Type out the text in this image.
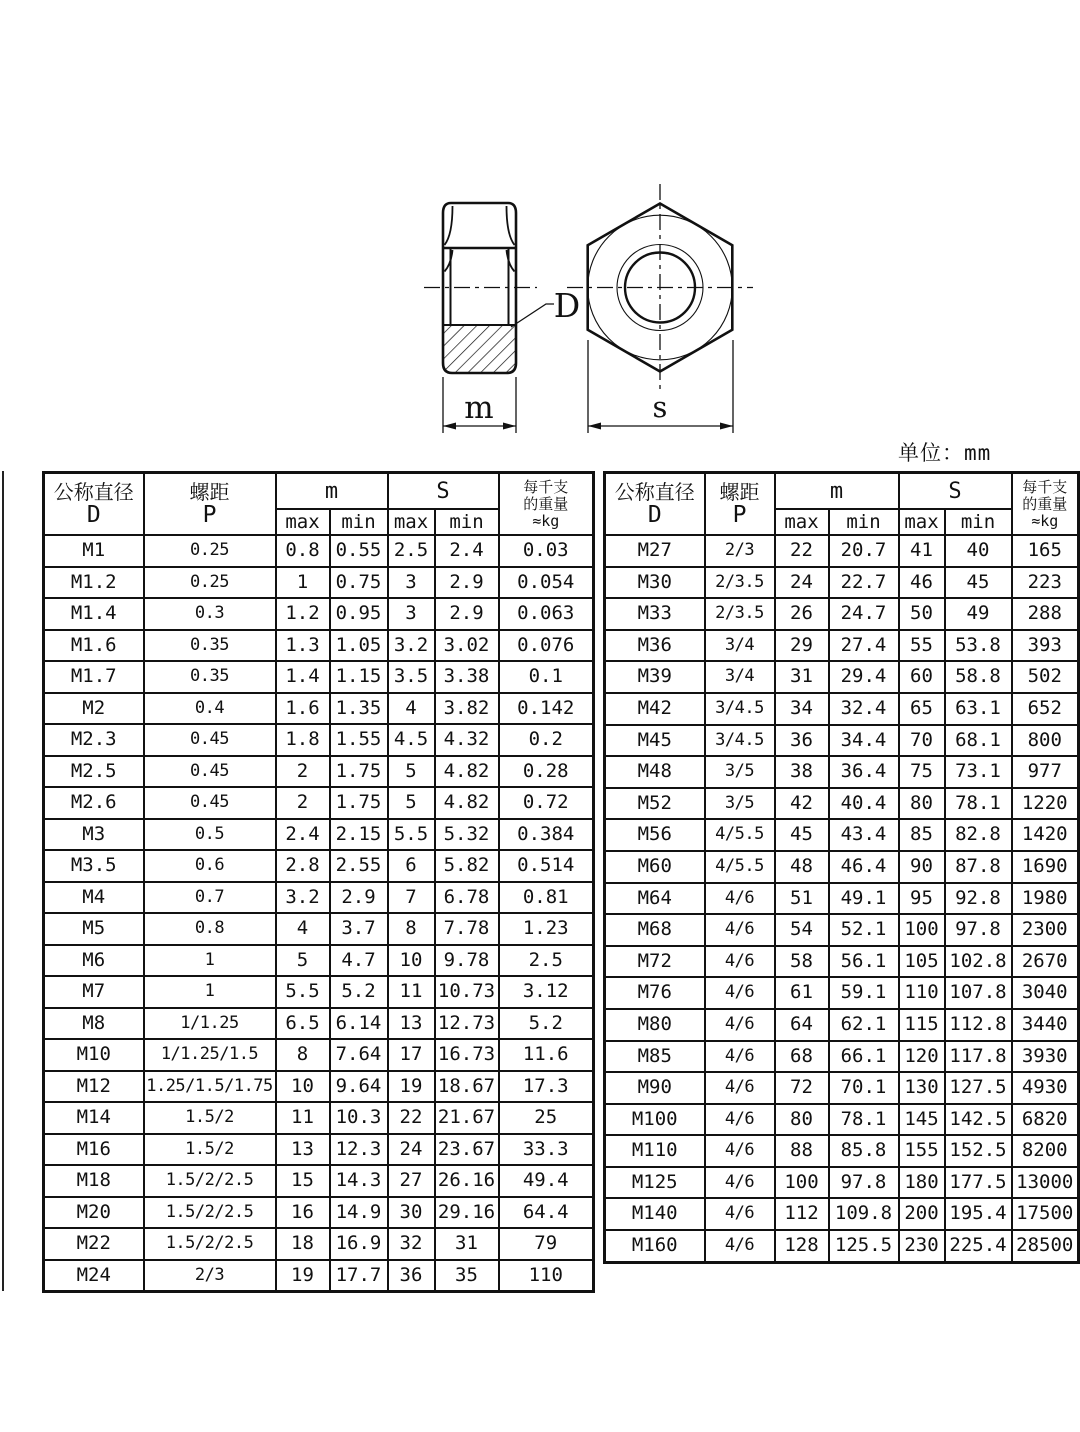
D
m	s
单位：mm
公称直径
D

螺距
P
	m	S	每千支
的重量
≈kg

		max	min	max	min	
M1	0.25	0.8	0.55	2.5	2.4	0.03
M1.2	0.25	1	0.75	3	2.9	0.054
M1.4	0.3	1.2	0.95	3	2.9	0.063
M1.6	0.35	1.3	1.05	3.2	3.02	0.076
M1.7	0.35	1.4	1.15	3.5	3.38	0.1
M2	0.4	1.6	1.35	4	3.82	0.142
M2.3	0.45	1.8	1.55	4.5	4.32	0.2
M2.5	0.45	2	1.75	5	4.82	0.28
M2.6	0.45	2	1.75	5	4.82	0.72
M3	0.5	2.4	2.15	5.5	5.32	0.384
M3.5	0.6	2.8	2.55	6	5.82	0.514
M4	0.7	3.2	2.9	7	6.78	0.81
M5	0.8	4	3.7	8	7.78	1.23
M6	1	5	4.7	10	9.78	2.5
M7	1	5.5	5.2	11	10.73	3.12
M8	1/1.25	6.5	6.14	13	12.73	5.2
M10	1/1.25/1.5	8	7.64	17	16.73	11.6
M12	1.25/1.5/1.75	10	9.64	19	18.67	17.3
M14	1.5/2	11	10.3	22	21.67	25
M16	1.5/2	13	12.3	24	23.67	33.3
M18	1.5/2/2.5	15	14.3	27	26.16	49.4
M20	1.5/2/2.5	16	14.9	30	29.16	64.4
M22	1.5/2/2.5	18	16.9	32	31	79
M24	2/3	19	17.7	36	35	110
公称直径
D

螺距
P
	m	S	每千支
的重量
≈kg

		max	min	max	min	
M27	2/3	22	20.7	41	40	165
M30	2/3.5	24	22.7	46	45	223
M33	2/3.5	26	24.7	50	49	288
M36	3/4	29	27.4	55	53.8	393
M39	3/4	31	29.4	60	58.8	502
M42	3/4.5	34	32.4	65	63.1	652
M45	3/4.5	36	34.4	70	68.1	800
M48	3/5	38	36.4	75	73.1	977
M52	3/5	42	40.4	80	78.1	1220
M56	4/5.5	45	43.4	85	82.8	1420
M60	4/5.5	48	46.4	90	87.8	1690
M64	4/6	51	49.1	95	92.8	1980
M68	4/6	54	52.1	100	97.8	2300
M72	4/6	58	56.1	105	102.8	2670
M76	4/6	61	59.1	110	107.8	3040
M80	4/6	64	62.1	115	112.8	3440
M85	4/6	68	66.1	120	117.8	3930
M90	4/6	72	70.1	130	127.5	4930
M100	4/6	80	78.1	145	142.5	6820
M110	4/6	88	85.8	155	152.5	8200
M125	4/6	100	97.8	180	177.5	13000
M140	4/6	112	109.8	200	195.4	17500
M160	4/6	128	125.5	230	225.4	28500
